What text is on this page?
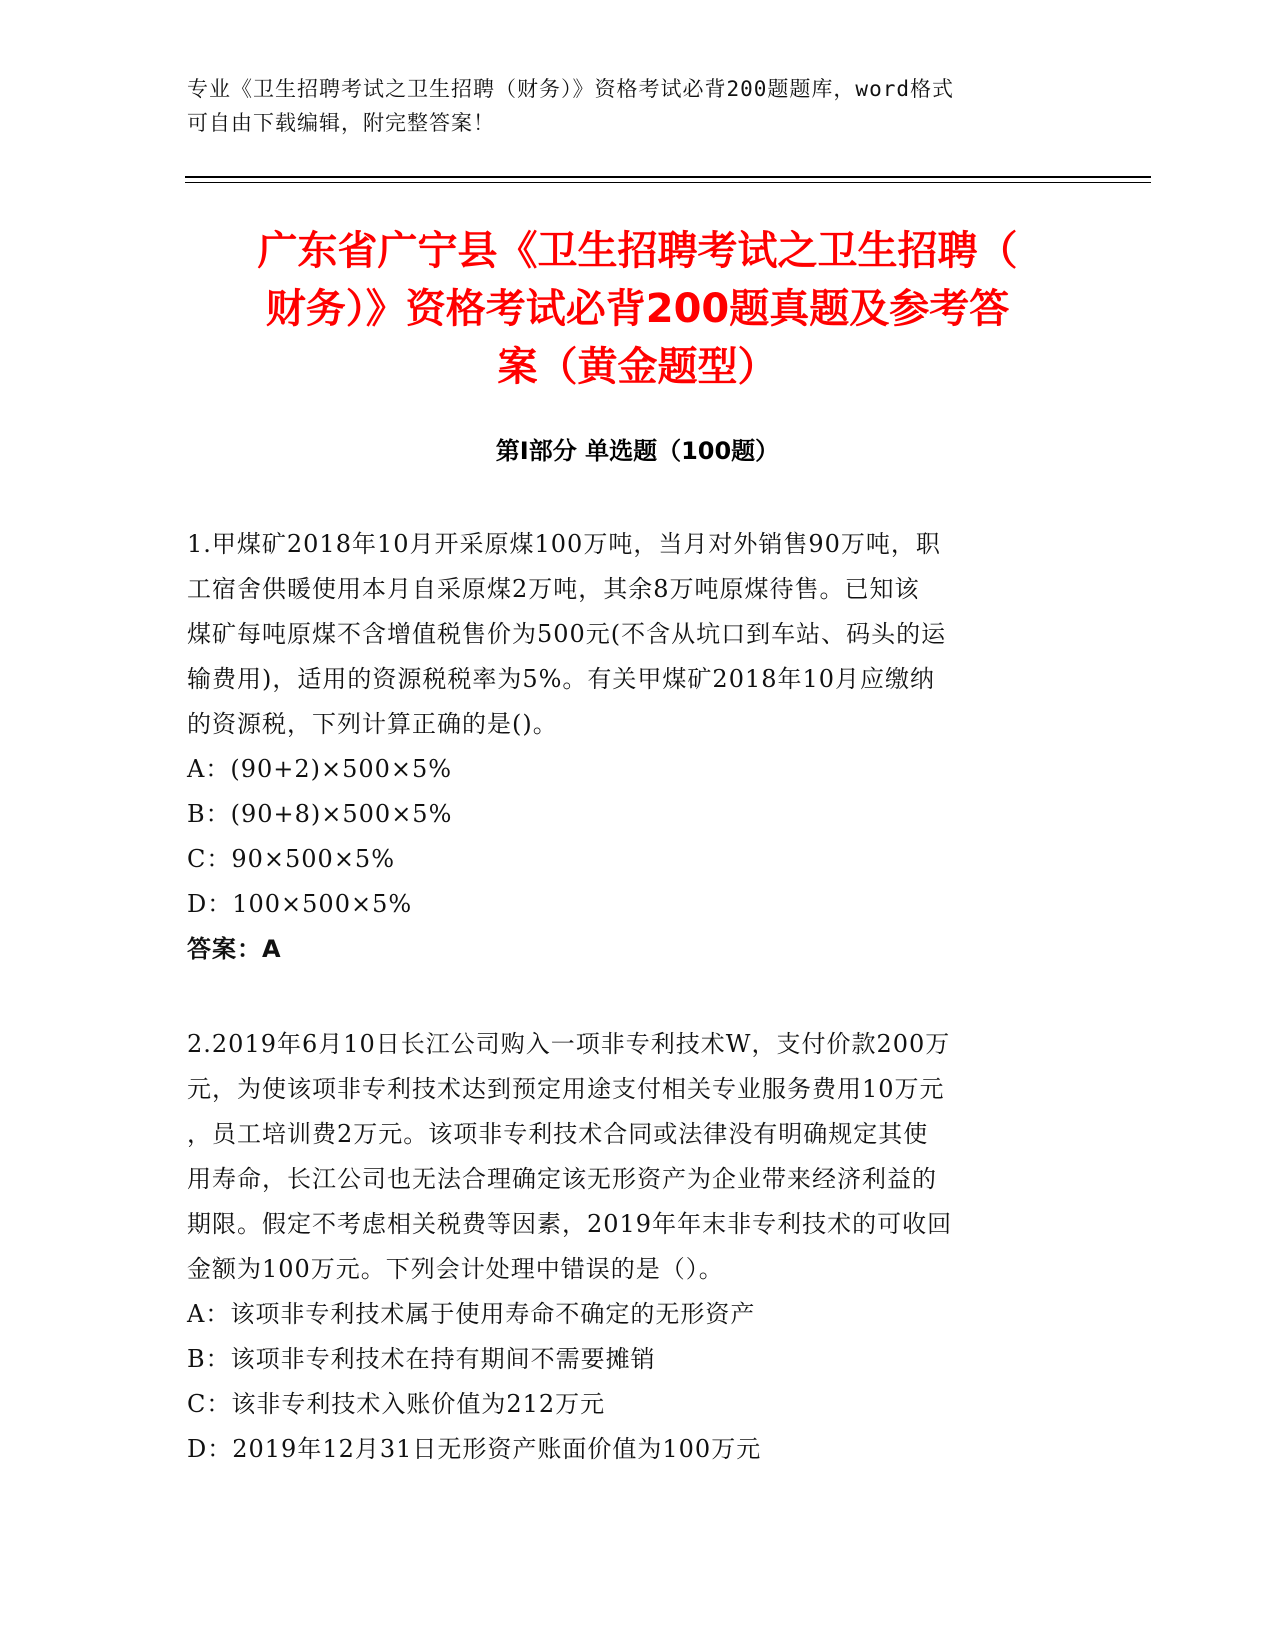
专业《卫生招聘考试之卫生招聘（财务）》资格考试必背200题题库，word格式
可自由下载编辑，附完整答案！
广东省广宁县《卫生招聘考试之卫生招聘（
财务）》资格考试必背200题真题及参考答
案（黄金题型）
第Ⅰ部分 单选题（100题）
1.甲煤矿2018年10月开采原煤100万吨，当月对外销售90万吨，职
工宿舍供暖使用本月自采原煤2万吨，其余8万吨原煤待售。已知该
煤矿每吨原煤不含增值税售价为500元(不含从坑口到车站、码头的运
输费用)，适用的资源税税率为5%。有关甲煤矿2018年10月应缴纳
的资源税，下列计算正确的是()。
A：(90+2)×500×5%
B：(90+8)×500×5%
C：90×500×5%
D：100×500×5%
答案：A
2.2019年6月10日长江公司购入一项非专利技术W，支付价款200万
元，为使该项非专利技术达到预定用途支付相关专业服务费用10万元
，员工培训费2万元。该项非专利技术合同或法律没有明确规定其使
用寿命，长江公司也无法合理确定该无形资产为企业带来经济利益的
期限。假定不考虑相关税费等因素，2019年年末非专利技术的可收回
金额为100万元。下列会计处理中错误的是（）。
A：该项非专利技术属于使用寿命不确定的无形资产
B：该项非专利技术在持有期间不需要摊销
C：该非专利技术入账价值为212万元
D：2019年12月31日无形资产账面价值为100万元
